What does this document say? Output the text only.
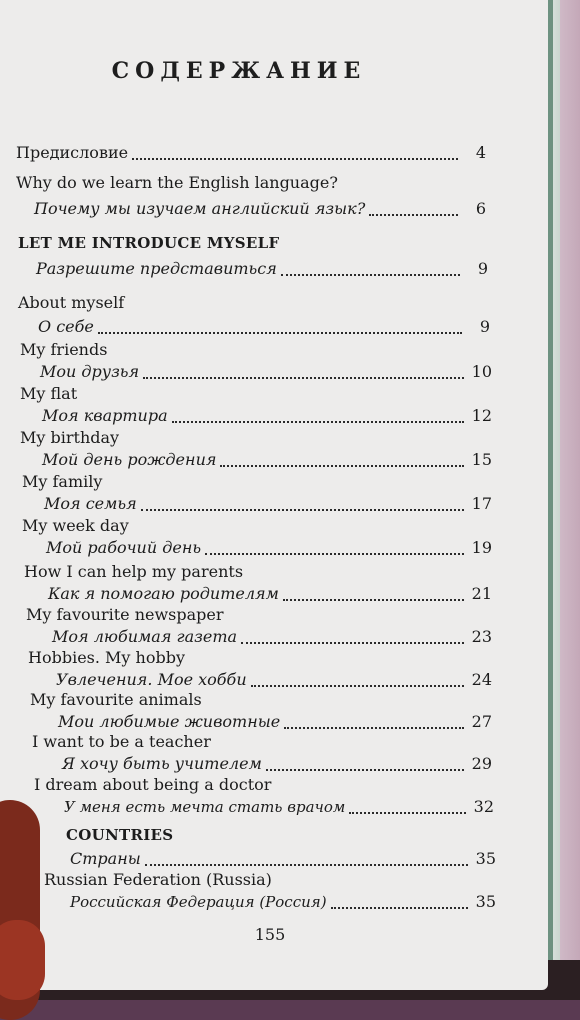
СОДЕРЖАНИЕ
Предисловие	4
Why do we learn the English language?
Почему мы изучаем английский язык?	6
LET ME INTRODUCE MYSELF
Разрешите представиться	9
About myself
О себе	9
My friends
Мои друзья	10
My flat
Моя квартира	12
My birthday
Мой день рождения	15
My family
Моя семья	17
My week day
Мой рабочий день	19
How I can help my parents
Как я помогаю родителям	21
My favourite newspaper
Моя любимая газета	23
Hobbies. My hobby
Увлечения. Мое хобби	24
My favourite animals
Мои любимые животные	27
I want to be a teacher
Я хочу быть учителем	29
I dream about being a doctor
У меня есть мечта стать врачом	32
COUNTRIES
Страны	35
Russian Federation (Russia)
Российская Федерация (Россия)	35
155
